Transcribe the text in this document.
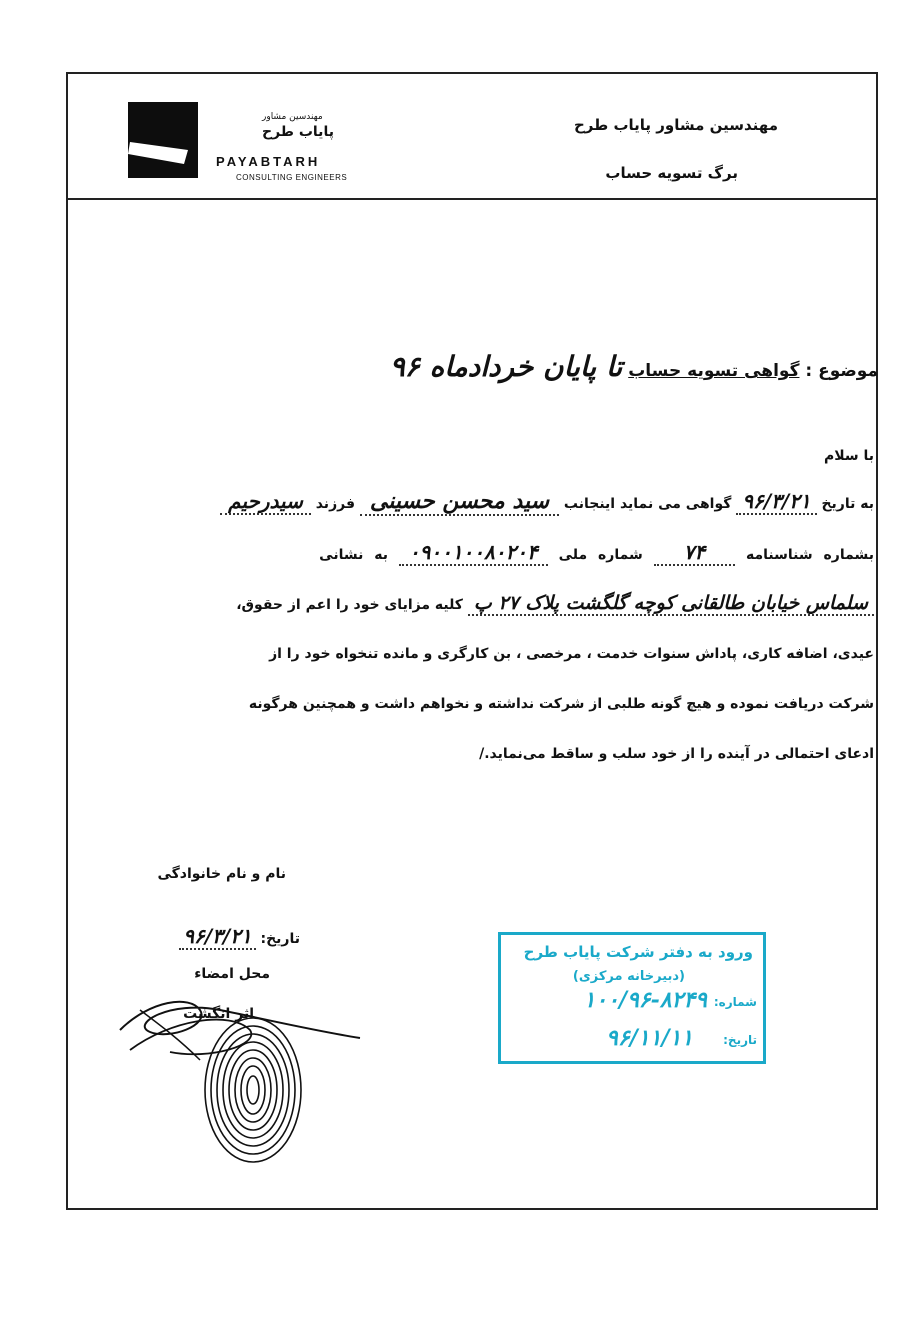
مهندسین مشاور
پایاب طرح
PAYABTARH
CONSULTING ENGINEERS
مهندسین مشاور پایاب طرح
برگ تسویه حساب
موضوع : گواهی تسویه حساب تا پایان خردادماه ۹۶
با سلام
به تاریخ ۹۶/۳/۲۱ گواهی می نماید اینجانب سید محسن حسینی فرزند سیدرحیم
بشماره شناسنامه ۷۴ شماره ملی ۰۹۰۰۱۰۰۸۰۲۰۴ به نشانی
سلماس خیابان طالقانی کوچه گلگشت پلاک ۲۷ پ کلیه مزایای خود را اعم از حقوق،
عیدی، اضافه کاری، پاداش سنوات خدمت ، مرخصی ، بن کارگری و مانده تنخواه خود را از
شرکت دریافت نموده و هیچ گونه طلبی از شرکت نداشته و نخواهم داشت و همچنین هرگونه
ادعای احتمالی در آینده را از خود سلب و ساقط می‌نماید./
نام و نام خانوادگی
تاریخ: ۹۶/۳/۲۱
محل امضاء
اثر انگشت
ورود به دفتر شرکت پایاب طرح
(دبیرخانه مرکزی)
شماره:
۱۰۰/۹۶-۸۲۴۹
تاریخ:
۹۶/۱۱/۱۱
